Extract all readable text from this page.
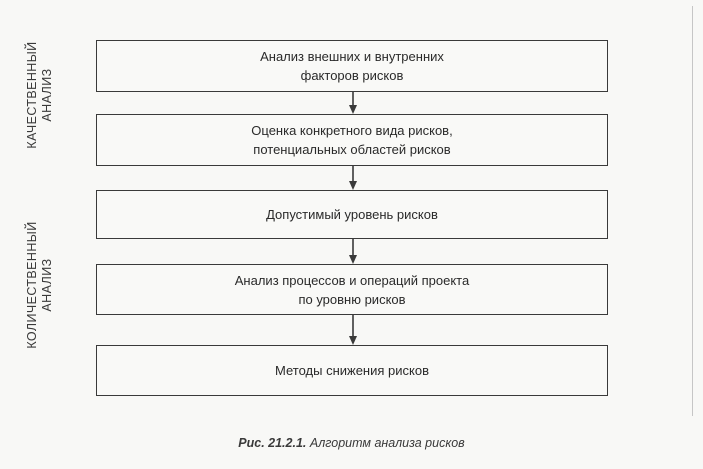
КАЧЕСТВЕННЫЙ АНАЛИЗ
КОЛИЧЕСТВЕННЫЙ АНАЛИЗ
Анализ внешних и внутренних
факторов рисков
Оценка конкретного вида рисков,
потенциальных областей рисков
Допустимый уровень рисков
Анализ процессов и операций проекта
по уровню рисков
Методы снижения рисков
Рис. 21.2.1. Алгоритм анализа рисков
